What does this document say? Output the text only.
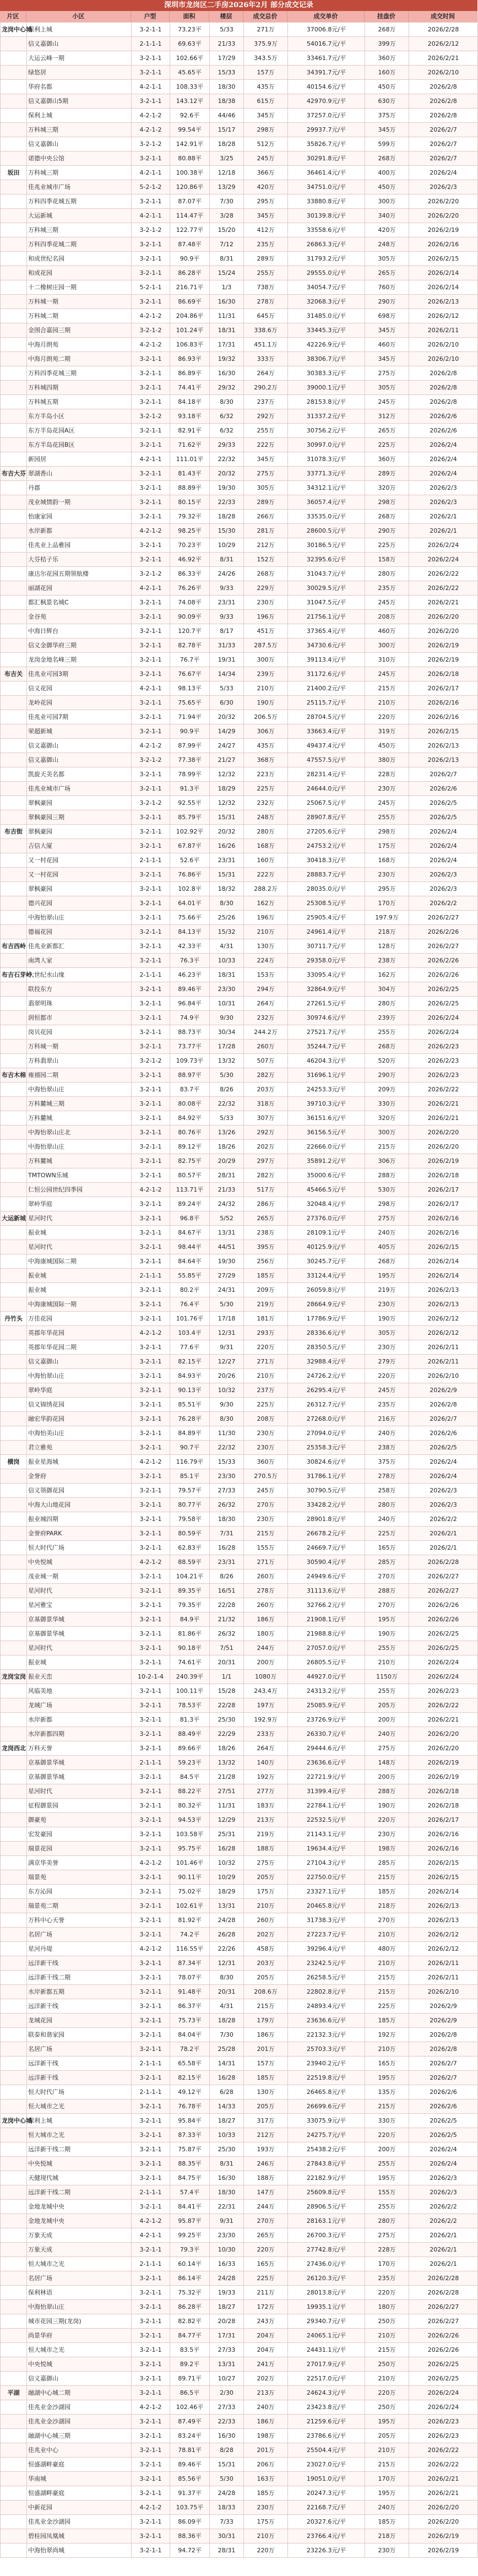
深圳市龙岗区二手房2026年2月 部分成交记录
片区	小区	户型	面积	楼层	成交总价	成交单价	挂盘价	成交时间
龙岗中心城	保利上城	3-2-1-1	73.23平	5/33	271万	37006.8元/平	268万	2026/2/28
	信义嘉御山	2-1-1-1	69.63平	21/33	375.9万	54016.7元/平	399万	2026/2/12
	大运云峰一期	3-2-1-1	102.66平	17/29	343.5万	33461.7元/平	360万	2026/2/21
	绿悠居	3-2-1-1	45.65平	15/33	157万	34391.7元/平	160万	2026/2/10
	华府名都	4-2-1-1	108.33平	18/30	435万	40154.6元/平	450万	2026/2/8
	信义嘉御山5期	3-2-1-1	143.12平	18/38	615万	42970.9元/平	630万	2026/2/8
	保利上城	4-2-1-2	92.6平	44/46	345万	37257.0元/平	375万	2026/2/8
	万科城三期	4-2-1-2	99.54平	15/17	298万	29937.7元/平	345万	2026/2/7
	信义嘉御山	3-2-1-2	142.91平	18/28	512万	35826.7元/平	599万	2026/2/7
	诺德中央公馆	3-2-1-1	80.88平	3/25	245万	30291.8元/平	268万	2026/2/7
坂田	万科城三期	4-2-1-1	100.38平	12/18	366万	36461.4元/平	400万	2026/2/4
	佳兆业城市广场	5-2-1-2	120.86平	13/29	420万	34751.0元/平	450万	2026/2/3
	万科四季花城五期	3-2-1-1	87.07平	7/30	295万	33880.8元/平	300万	2026/2/20
	大运新城	4-2-1-1	114.47平	3/28	345万	30139.8元/平	340万	2026/2/20
	万科城三期	3-2-1-2	122.77平	15/20	412万	33558.6元/平	420万	2026/2/19
	万科四季花城二期	3-2-1-1	87.48平	7/12	235万	26863.3元/平	248万	2026/2/16
	和成世纪名园	3-2-1-1	90.9平	8/31	289万	31793.2元/平	305万	2026/2/15
	和成花园	3-2-1-1	86.28平	15/24	255万	29555.0元/平	265万	2026/2/14
	十二橡树庄园一期	5-2-1-1	216.71平	1/3	738万	34054.7元/平	760万	2026/2/14
	万科城一期	3-2-1-1	86.69平	16/30	278万	32068.3元/平	290万	2026/2/13
	万科城二期	4-2-1-2	204.86平	11/31	645万	31485.0元/平	698万	2026/2/12
	金围合嘉园三期	3-2-1-2	101.24平	18/31	338.6万	33445.3元/平	345万	2026/2/11
	中海月朗苑	4-2-1-2	106.83平	17/31	451.1万	42226.9元/平	460万	2026/2/10
	中海月朗苑二期	3-2-1-1	86.93平	19/32	333万	38306.7元/平	345万	2026/2/10
	万科四季花城三期	3-2-1-1	86.89平	16/30	264万	30383.3元/平	275万	2026/2/8
	万科城四期	3-2-1-1	74.41平	29/32	290.2万	39000.1元/平	305万	2026/2/8
	万科城五期	3-2-1-1	84.18平	8/30	237万	28153.8元/平	245万	2026/2/8
	东方半岛小区	3-2-1-2	93.18平	6/32	292万	31337.2元/平	312万	2026/2/6
	东方半岛花园A区	3-2-1-1	82.91平	6/32	255万	30756.2元/平	265万	2026/2/6
	东方半岛花园B区	3-2-1-1	71.62平	29/33	222万	30997.0元/平	225万	2026/2/4
	新园居	4-2-1-1	111.01平	22/32	345万	31078.3元/平	360万	2026/2/4
布吉大芬	翠湖香山	3-2-1-1	81.43平	20/32	275万	33771.3元/平	289万	2026/2/4
	丹郡	3-2-1-1	88.89平	19/30	305万	34312.1元/平	320万	2026/2/3
	茂业城情韵一期	3-2-1-1	80.15平	22/33	289万	36057.4元/平	298万	2026/2/3
	怡康家园	3-2-1-1	79.32平	18/28	266万	33535.0元/平	268万	2026/2/1
	水岸新都	4-2-1-2	98.25平	15/30	281万	28600.5元/平	290万	2026/2/1
	佳兆业上品雅园	3-2-1-1	70.23平	10/29	212万	30186.5元/平	225万	2026/2/24
	大芬桔子乐	3-2-1-1	46.92平	8/31	152万	32395.6元/平	158万	2026/2/24
	康达尔花园五期领航楼	3-2-1-2	86.33平	24/26	268万	31043.7元/平	280万	2026/2/22
	丽湖花园	4-2-1-1	76.26平	9/33	229万	30029.5元/平	235万	2026/2/22
	都汇枫景名城C	3-2-1-1	74.08平	23/31	230万	31047.5元/平	245万	2026/2/21
	金谷苑	3-2-1-1	90.09平	9/33	196万	21756.1元/平	208万	2026/2/20
	中海日辉台	3-2-1-1	120.7平	8/17	451万	37365.4元/平	460万	2026/2/20
	信义金御华府三期	3-2-1-1	82.78平	31/33	287.5万	34730.6元/平	300万	2026/2/19
	龙岗金地名峰三期	3-2-1-1	76.7平	19/31	300万	39113.4元/平	310万	2026/2/19
布吉关	佳兆业可园3期	3-2-1-1	76.67平	14/34	239万	31172.6元/平	245万	2026/2/18
	信义花园	4-2-1-1	98.13平	5/33	210万	21400.2元/平	215万	2026/2/17
	龙岭花园	3-2-1-1	75.65平	6/30	190万	25115.7元/平	210万	2026/2/16
	佳兆业可园7期	3-2-1-1	71.94平	20/32	206.5万	28704.5元/平	220万	2026/2/16
	荣超新城	3-2-1-1	90.9平	14/29	306万	33663.4元/平	319万	2026/2/15
	信义嘉御山	4-2-1-2	87.99平	24/27	435万	49437.4元/平	450万	2026/2/13
	信义嘉御山	3-2-1-2	77.38平	21/27	368万	47557.5元/平	380万	2026/2/13
	凯旋天美名都	3-2-1-1	78.99平	12/32	223万	28231.4元/平	228万	2026/2/7
	佳兆业城市广场	3-2-1-1	91.3平	18/29	225万	24644.0元/平	230万	2026/2/6
	翠枫豪园	3-2-1-2	92.55平	12/32	232万	25067.5元/平	245万	2026/2/5
	翠枫豪园三期	3-2-1-1	85.79平	15/31	248万	28907.8元/平	255万	2026/2/5
布吉街	翠枫豪园	3-2-1-1	102.92平	20/32	280万	27205.6元/平	298万	2026/2/4
	吉信大厦	3-2-1-1	67.87平	16/26	168万	24753.2元/平	175万	2026/2/4
	又一村花园	2-1-1-1	52.6平	23/31	160万	30418.3元/平	168万	2026/2/4
	又一村花园	3-2-1-1	76.86平	15/31	222万	28883.7元/平	230万	2026/2/3
	翠枫豪园	3-2-1-1	102.8平	18/32	288.2万	28035.0元/平	295万	2026/2/3
	德兴花园	3-2-1-1	64.01平	8/30	162万	25308.5元/平	170万	2026/2/2
	中海怡翠山庄	3-2-1-1	75.66平	25/26	196万	25905.4元/平	197.9万	2026/2/27
	德福花园	3-2-1-1	84.13平	15/32	210万	24961.4元/平	218万	2026/2/26
布吉西岭	佳兆业新都汇	3-2-1-1	42.33平	4/31	130万	30711.7元/平	128万	2026/2/27
	南湾人家	3-2-1-1	76.3平	10/33	224万	29358.0元/平	238万	2026/2/26
布吉石芽岭	大世纪水山缘	2-1-1-1	46.23平	18/31	153万	33095.4元/平	162万	2026/2/26
	联投东方	3-2-1-1	89.46平	23/30	294万	32864.9元/平	304万	2026/2/25
	翡翠明珠	3-2-1-1	96.84平	10/31	264万	27261.5元/平	280万	2026/2/25
	润恒都市	3-2-1-1	74.9平	9/30	232万	30974.6元/平	239万	2026/2/24
	岗贝花园	3-2-1-1	88.73平	30/34	244.2万	27521.7元/平	255万	2026/2/24
	万科城一期	3-2-1-1	73.77平	17/28	260万	35244.7元/平	268万	2026/2/23
	万科翡翠山	3-2-1-2	109.73平	13/32	507万	46204.3元/平	520万	2026/2/23
布吉木棉	雍禧园二期	3-2-1-1	88.97平	5/30	282万	31696.1元/平	290万	2026/2/23
	中海怡翠山庄	3-2-1-1	83.7平	8/26	203万	24253.3元/平	209万	2026/2/22
	万科麓城三期	3-2-1-1	80.08平	22/32	318万	39710.3元/平	330万	2026/2/21
	万科麓城	3-2-1-1	84.92平	5/33	307万	36151.6元/平	320万	2026/2/21
	中海怡翠山庄北	3-2-1-1	80.76平	13/26	292万	36156.5元/平	300万	2026/2/20
	中海怡翠山庄	3-2-1-1	89.12平	18/26	202万	22666.0元/平	215万	2026/2/20
	万科麓城	3-2-1-1	82.75平	20/29	297万	35891.2元/平	306万	2026/2/19
	TMTOWN乐城	3-2-1-1	80.57平	28/31	282万	35000.6元/平	288万	2026/2/18
	仁恒公园世纪四季园	4-2-1-2	113.71平	21/33	517万	45466.5元/平	530万	2026/2/17
	翠岭华庭	3-2-1-1	89.24平	24/32	286万	32048.4元/平	298万	2026/2/17
大运新城	星河时代	3-2-1-1	96.8平	5/52	265万	27376.0元/平	275万	2026/2/16
	振业城	3-2-1-1	84.67平	13/31	238万	28109.1元/平	240万	2026/2/16
	星河时代	3-2-1-1	98.44平	44/51	395万	40125.9元/平	405万	2026/2/15
	中海康城国际二期	3-2-1-1	84.64平	19/30	256万	30245.7元/平	268万	2026/2/14
	振业城	2-1-1-1	55.85平	27/29	185万	33124.4元/平	195万	2026/2/14
	振业城	3-2-1-1	80.2平	24/31	209万	26059.8元/平	219万	2026/2/13
	中海康城国际一期	3-2-1-1	76.4平	5/30	219万	28664.9元/平	230万	2026/2/13
丹竹头	万佳花园	3-2-1-1	101.76平	17/18	181万	17786.9元/平	190万	2026/2/12
	英郡年华花园	4-2-1-2	103.4平	12/31	293万	28336.6元/平	305万	2026/2/12
	英郡年华花园二期	3-2-1-1	77.6平	9/31	220万	28350.5元/平	230万	2026/2/11
	信义嘉御山	3-2-1-1	82.15平	12/27	271万	32988.4元/平	279万	2026/2/11
	中海怡翠山庄	3-2-1-1	84.93平	20/26	210万	24726.2元/平	220万	2026/2/10
	翠岭华庭	3-2-1-1	90.13平	10/32	237万	26295.4元/平	245万	2026/2/9
	信义锦绣花园	3-2-1-1	85.51平	9/30	225万	26312.7元/平	235万	2026/2/8
	融宏华韵花园	3-2-1-1	76.28平	8/30	208万	27268.0元/平	216万	2026/2/7
	中海怡美山庄	3-2-1-1	84.89平	11/30	230万	27094.0元/平	240万	2026/2/6
	君立雅苑	3-2-1-1	90.7平	22/32	230万	25358.3元/平	238万	2026/2/5
横岗	振业星海城	4-2-1-2	116.79平	15/33	360万	30824.6元/平	375万	2026/2/4
	金誉府	3-2-1-1	85.1平	23/30	270.5万	31786.1元/平	278万	2026/2/4
	信义领御花园	3-2-1-1	79.57平	27/33	245万	30790.5元/平	258万	2026/2/3
	中海大山地花园	3-2-1-1	80.77平	26/32	270万	33428.2元/平	280万	2026/2/3
	振业城四期	3-2-1-1	79.58平	18/30	230万	28901.8元/平	240万	2026/2/2
	金誉府PARK	3-2-1-1	80.59平	7/31	215万	26678.2元/平	225万	2026/2/1
	恒大时代广场	3-2-1-1	62.83平	16/28	155万	24669.7元/平	165万	2026/2/1
	中央悦城	4-2-1-2	88.59平	23/31	271万	30590.4元/平	285万	2026/2/28
	茂业城一期	3-2-1-1	104.21平	8/26	260万	24949.6元/平	270万	2026/2/27
	星河时代	3-2-1-1	89.35平	16/51	278万	31113.6元/平	288万	2026/2/27
	星河雅宝	3-2-1-1	79.35平	22/28	260万	32766.2元/平	270万	2026/2/26
	京基御景华城	3-2-1-1	84.9平	21/32	186万	21908.1元/平	195万	2026/2/26
	京基御景华城	3-2-1-1	81.86平	26/32	180万	21988.8元/平	190万	2026/2/25
	星河时代	3-2-1-1	90.18平	7/51	244万	27057.0元/平	255万	2026/2/25
	振业城	3-2-1-1	74.61平	20/31	200万	26805.5元/平	210万	2026/2/24
龙岗宝岗	振业天峦	10-2-1-4	240.39平	1/1	1080万	44927.0元/平	1150万	2026/2/24
	风临美地	3-2-1-1	100.11平	15/28	243.4万	24313.2元/平	255万	2026/2/23
	龙城广场	3-2-1-1	78.53平	22/28	197万	25085.9元/平	205万	2026/2/22
	水岸新都	3-2-1-1	81.3平	25/30	192.9万	23726.9元/平	200万	2026/2/21
	水岸新都四期	3-2-1-1	88.49平	22/29	233万	26330.7元/平	240万	2026/2/20
龙岗西北	万科天誉	3-2-1-1	89.66平	18/26	264万	29444.6元/平	275万	2026/2/20
	京基御景华城	2-1-1-1	59.23平	13/32	140万	23636.6元/平	148万	2026/2/19
	京基御景华城	3-2-1-1	84.5平	21/28	192万	22721.9元/平	200万	2026/2/19
	星河时代	3-2-1-1	88.22平	27/51	277万	31399.4元/平	288万	2026/2/18
	征程御景园	3-2-1-1	80.32平	11/31	183万	22784.1元/平	190万	2026/2/18
	御豪苑	3-2-1-1	94.53平	12/29	213万	22532.5元/平	220万	2026/2/17
	宏发豪园	3-2-1-1	103.58平	25/31	219万	21143.1元/平	230万	2026/2/16
	瑞景花园	3-2-1-1	95.75平	16/28	188万	19634.4元/平	198万	2026/2/16
	满京华美誉	4-2-1-2	101.46平	10/32	275万	27104.3元/平	285万	2026/2/15
	瑞景苑	3-2-1-1	90.11平	10/29	205万	22750.0元/平	215万	2026/2/15
	东方沁园	3-2-1-1	75.02平	18/29	175万	23327.1元/平	185万	2026/2/14
	瑞景苑二期	3-2-1-1	102.61平	13/31	210万	20465.8元/平	218万	2026/2/13
	万科中心天誉	3-2-1-1	81.92平	24/28	260万	31738.3元/平	270万	2026/2/13
	名居广场	3-2-1-1	74.2平	26/28	202万	27223.7元/平	210万	2026/2/12
	星河丹堤	4-2-1-2	116.55平	22/26	458万	39296.4元/平	480万	2026/2/12
	远洋新干线	3-2-1-1	87.34平	12/31	203万	23242.5元/平	210万	2026/2/11
	远洋新干线二期	3-2-1-1	78.07平	8/30	205万	26258.5元/平	215万	2026/2/11
	水岸新都五期	3-2-1-1	91.48平	20/31	208.6万	22802.8元/平	215万	2026/2/10
	远洋新干线	3-2-1-1	86.37平	4/31	215万	24893.4元/平	225万	2026/2/9
	龙城花园	3-2-1-1	75.73平	18/28	179万	23636.6元/平	185万	2026/2/9
	联泰和谐家园	3-2-1-1	84.04平	7/30	186万	22132.3元/平	192万	2026/2/8
	名居广场	3-2-1-1	78.2平	25/28	201万	25703.3元/平	210万	2026/2/8
	远洋新干线	2-1-1-1	65.58平	14/31	157万	23940.2元/平	165万	2026/2/7
	远洋新干线	3-2-1-1	82.15平	16/28	185万	22519.8元/平	195万	2026/2/7
	恒大时代广场	2-1-1-1	49.12平	6/28	130万	26465.8元/平	135万	2026/2/6
	恒大城市之光	3-2-1-1	76.78平	14/33	205万	26699.6元/平	215万	2026/2/6
龙岗中心城	保利上城	3-2-1-1	95.84平	18/27	317万	33075.9元/平	330万	2026/2/5
	恒大城市之光	3-2-1-1	87.33平	10/33	212万	24275.7元/平	220万	2026/2/5
	远洋新干线二期	3-2-1-1	75.87平	25/30	193万	25438.2元/平	200万	2026/2/4
	中央悦城	3-2-1-1	88.35平	8/31	246万	27843.8元/平	255万	2026/2/4
	天健现代城	3-2-1-1	84.75平	16/30	188万	22182.9元/平	195万	2026/2/3
	远洋新干线二期	2-1-1-1	57.4平	18/30	147万	25609.8元/平	155万	2026/2/3
	金地龙城中央	3-2-1-1	84.41平	22/31	244万	28906.5元/平	255万	2026/2/2
	金地龙城中央	4-2-1-2	95.87平	9/31	270万	28163.1元/平	280万	2026/2/2
	万象天成	4-2-1-1	99.25平	23/30	265万	26700.3元/平	275万	2026/2/1
	万象天成	3-2-1-1	79.3平	10/30	220万	27742.8元/平	228万	2026/2/1
	恒大城市之光	2-1-1-1	60.14平	16/33	165万	27436.0元/平	170万	2026/2/1
	名居广场	3-2-1-1	86.14平	24/28	225万	26120.3元/平	235万	2026/2/28
	保利林语	3-2-1-1	75.32平	19/33	211万	28013.8元/平	220万	2026/2/28
	中海怡翠山庄	3-2-1-1	86.28平	18/27	172万	19935.1元/平	180万	2026/2/27
	城市花园三期(龙岗)	3-2-1-1	82.82平	20/28	243万	29340.7元/平	250万	2026/2/27
	尚景华府	3-2-1-1	84.77平	17/31	204万	24065.1元/平	210万	2026/2/26
	恒大城市之光	3-2-1-1	83.5平	27/33	204万	24431.1元/平	215万	2026/2/26
	中央悦城	3-2-1-1	89.2平	13/31	241万	27017.9元/平	250万	2026/2/25
	信义嘉御山	3-2-1-1	89.71平	10/27	202万	22517.0元/平	210万	2026/2/25
平湖	融湖中心城二期	3-2-1-1	86.5平	2/30	213万	24624.3元/平	220万	2026/2/24
	佳兆业金沙湖园	4-2-1-2	102.46平	27/33	240万	23423.8元/平	250万	2026/2/24
	佳兆业金沙湖园	3-2-1-1	87.49平	22/33	186万	21259.6元/平	195万	2026/2/23
	融湖中心城三期	3-2-1-1	83.24平	16/30	198万	23786.6元/平	205万	2026/2/23
	佳兆业中心	3-2-1-1	78.81平	8/28	201万	25504.4元/平	210万	2026/2/22
	恒盛湖畔豪庭	3-2-1-1	89.46平	15/31	206万	23027.0元/平	215万	2026/2/22
	华南城	3-2-1-1	85.56平	5/30	163万	19051.0元/平	170万	2026/2/21
	恒盛湖畔豪庭	3-2-1-1	91.37平	24/28	185万	20247.3元/平	195万	2026/2/21
	中新花园	4-2-1-2	103.75平	18/33	230万	22168.7元/平	240万	2026/2/20
	佳兆业金沙湖园	3-2-1-1	86.09平	7/33	175万	20327.6元/平	185万	2026/2/20
	碧桂园凤凰城	3-2-1-1	88.36平	30/31	210万	23766.4元/平	218万	2026/2/19
	中海怡翠尚城	3-2-1-1	94.72平	28/31	220万	23226.3元/平	230万	2026/2/19
